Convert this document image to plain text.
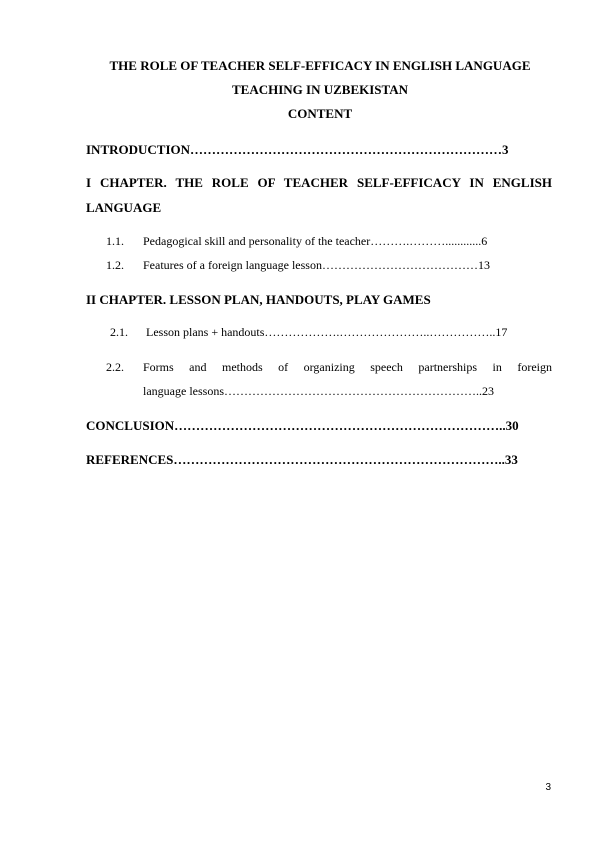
THE ROLE OF TEACHER SELF-EFFICACY IN ENGLISH LANGUAGE
TEACHING IN UZBEKISTAN
CONTENT
INTRODUCTION………………………………………………………………3
I CHAPTER. THE ROLE OF TEACHER SELF-EFFICACY IN ENGLISH
LANGUAGE
1.1. Pedagogical skill and personality of the teacher……….………............6
1.2. Features of a foreign language lesson…………………………………13
II CHAPTER. LESSON PLAN, HANDOUTS, PLAY GAMES
2.1. Lesson plans + handouts……………….…………………..……………..17
2.2. Forms and methods of organizing speech partnerships in foreign
language lessons………………………………………………………..23
CONCLUSION…………………………………………………………………..30
REFERENCES…………………………………………………………………..33
3
